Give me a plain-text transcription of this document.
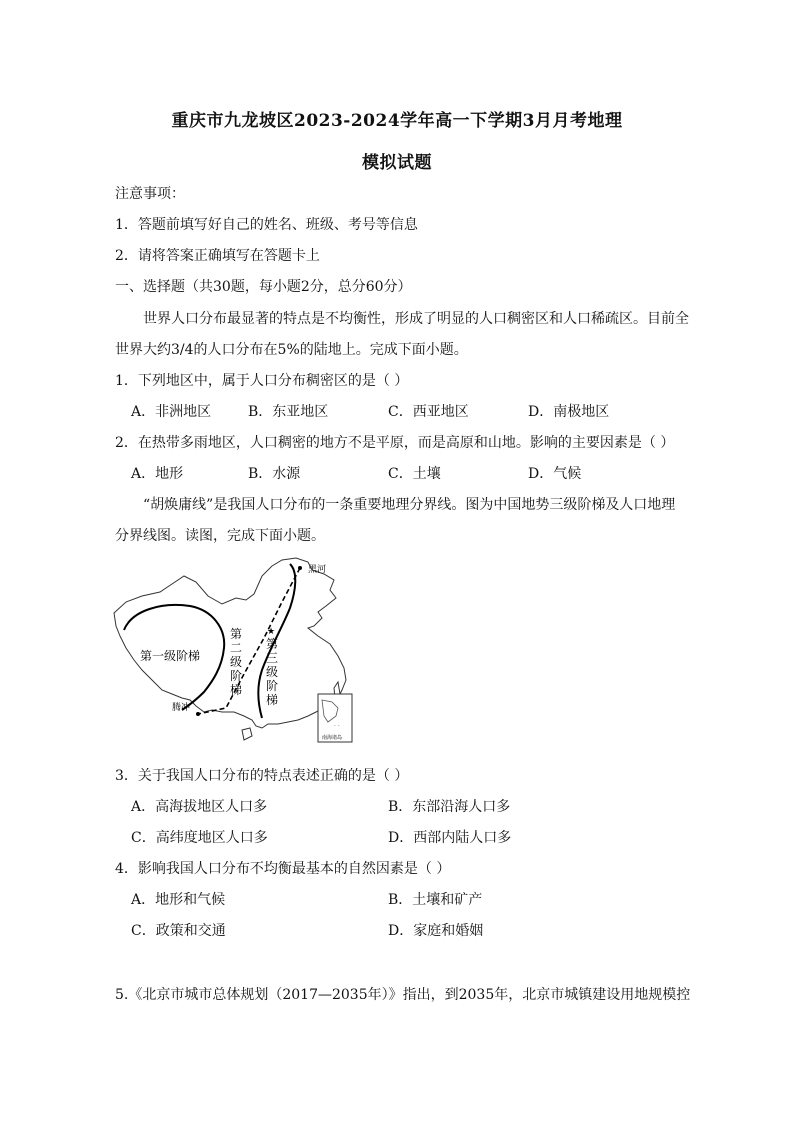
重庆市九龙坡区2023-2024学年高一下学期3月月考地理
模拟试题
注意事项：
1．答题前填写好自己的姓名、班级、考号等信息
2．请将答案正确填写在答题卡上
一、选择题（共30题，每小题2分，总分60分）
世界人口分布最显著的特点是不均衡性，形成了明显的人口稠密区和人口稀疏区。目前全
世界大约3/4的人口分布在5%的陆地上。完成下面小题。
1．下列地区中，属于人口分布稠密区的是（ ）
A．非洲地区	B．东亚地区	C．西亚地区	D．南极地区
2．在热带多雨地区，人口稠密的地方不是平原，而是高原和山地。影响的主要因素是（ ）
A．地形	B．水源	C．土壤	D．气候
“胡焕庸线”是我国人口分布的一条重要地理分界线。图为中国地势三级阶梯及人口地理
分界线图。读图，完成下面小题。
★
黑河
腾冲
第一级阶梯
第
二
级
阶
梯
第
三
级
阶
梯
· ·
南海诸岛
3．关于我国人口分布的特点表述正确的是（ ）
A．高海拔地区人口多	B．东部沿海人口多
C．高纬度地区人口多	D．西部内陆人口多
4．影响我国人口分布不均衡最基本的自然因素是（ ）
A．地形和气候	B．土壤和矿产
C．政策和交通	D．家庭和婚姻
5.《北京市城市总体规划（2017—2035年）》指出，到2035年，北京市城镇建设用地规模控
